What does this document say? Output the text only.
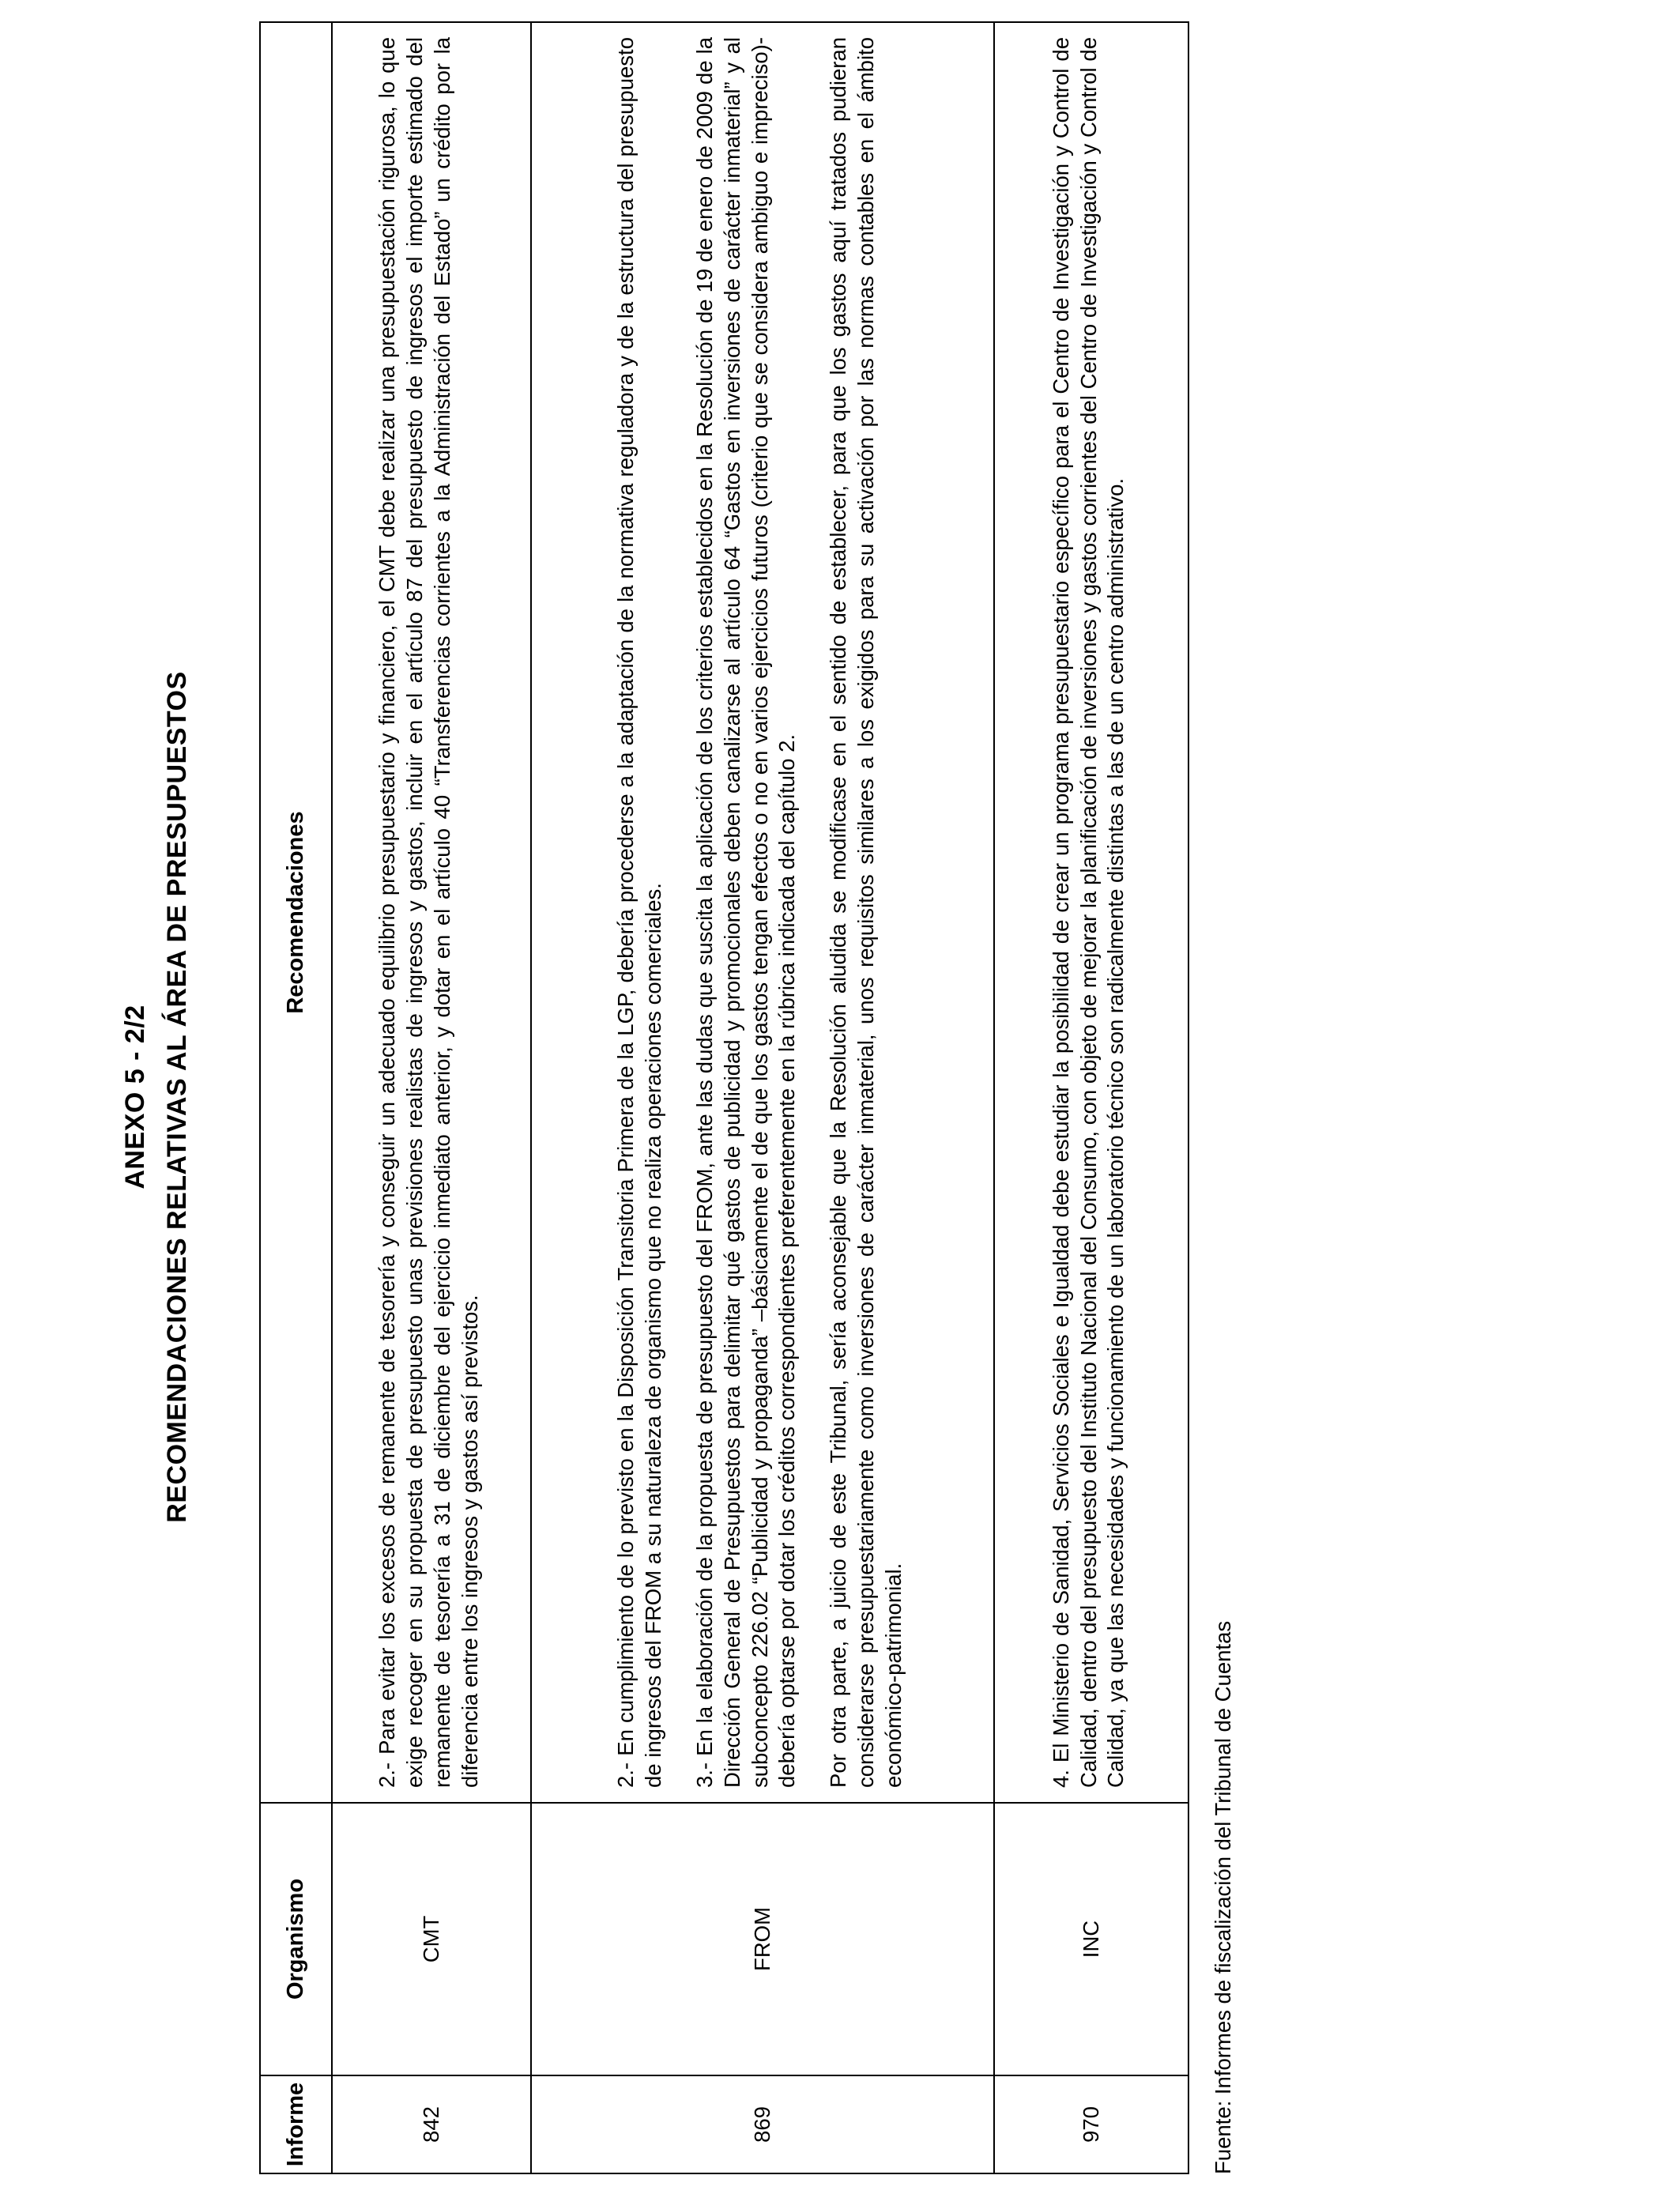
ANEXO 5 - 2/2 RECOMENDACIONES RELATIVAS AL ÁREA DE PRESUPUESTOS
Informe	Organismo	Recomendaciones
842	CMT	2.- Para evitar los excesos de remanente de tesorería y conseguir un adecuado equilibrio presupuestario y financiero, el CMT debe realizar una presupuestación rigurosa, lo que exige recoger en su propuesta de presupuesto unas previsiones realistas de ingresos y gastos, incluir en el artículo 87 del presupuesto de ingresos el importe estimado del remanente de tesorería a 31 de diciembre del ejercicio inmediato anterior, y dotar en el artículo 40 “Transferencias corrientes a la Administración del Estado” un crédito por la diferencia entre los ingresos y gastos así previstos.

869	FROM	2.- En cumplimiento de lo previsto en la Disposición Transitoria Primera de la LGP, debería procederse a la adaptación de la normativa reguladora y de la estructura del presupuesto de ingresos del FROM a su naturaleza de organismo que no realiza operaciones comerciales. 3.- En la elaboración de la propuesta de presupuesto del FROM, ante las dudas que suscita la aplicación de los criterios establecidos en la Resolución de 19 de enero de 2009 de la Dirección General de Presupuestos para delimitar qué gastos de publicidad y promocionales deben canalizarse al artículo 64 “Gastos en inversiones de carácter inmaterial” y al subconcepto 226.02 “Publicidad y propaganda” –básicamente el de que los gastos tengan efectos o no en varios ejercicios futuros (criterio que se considera ambiguo e impreciso)- debería optarse por dotar los créditos correspondientes preferentemente en la rúbrica indicada del capítulo 2. Por otra parte, a juicio de este Tribunal, sería aconsejable que la Resolución aludida se modificase en el sentido de establecer, para que los gastos aquí tratados pudieran considerarse presupuestariamente como inversiones de carácter inmaterial, unos requisitos similares a los exigidos para su activación por las normas contables en el ámbito económico-patrimonial.

970	INC	4. El Ministerio de Sanidad, Servicios Sociales e Igualdad debe estudiar la posibilidad de crear un programa presupuestario específico para el Centro de Investigación y Control de Calidad, dentro del presupuesto del Instituto Nacional del Consumo, con objeto de mejorar la planificación de inversiones y gastos corrientes del Centro de Investigación y Control de Calidad, ya que las necesidades y funcionamiento de un laboratorio técnico son radicalmente distintas a las de un centro administrativo.

Fuente: Informes de fiscalización del Tribunal de Cuentas
